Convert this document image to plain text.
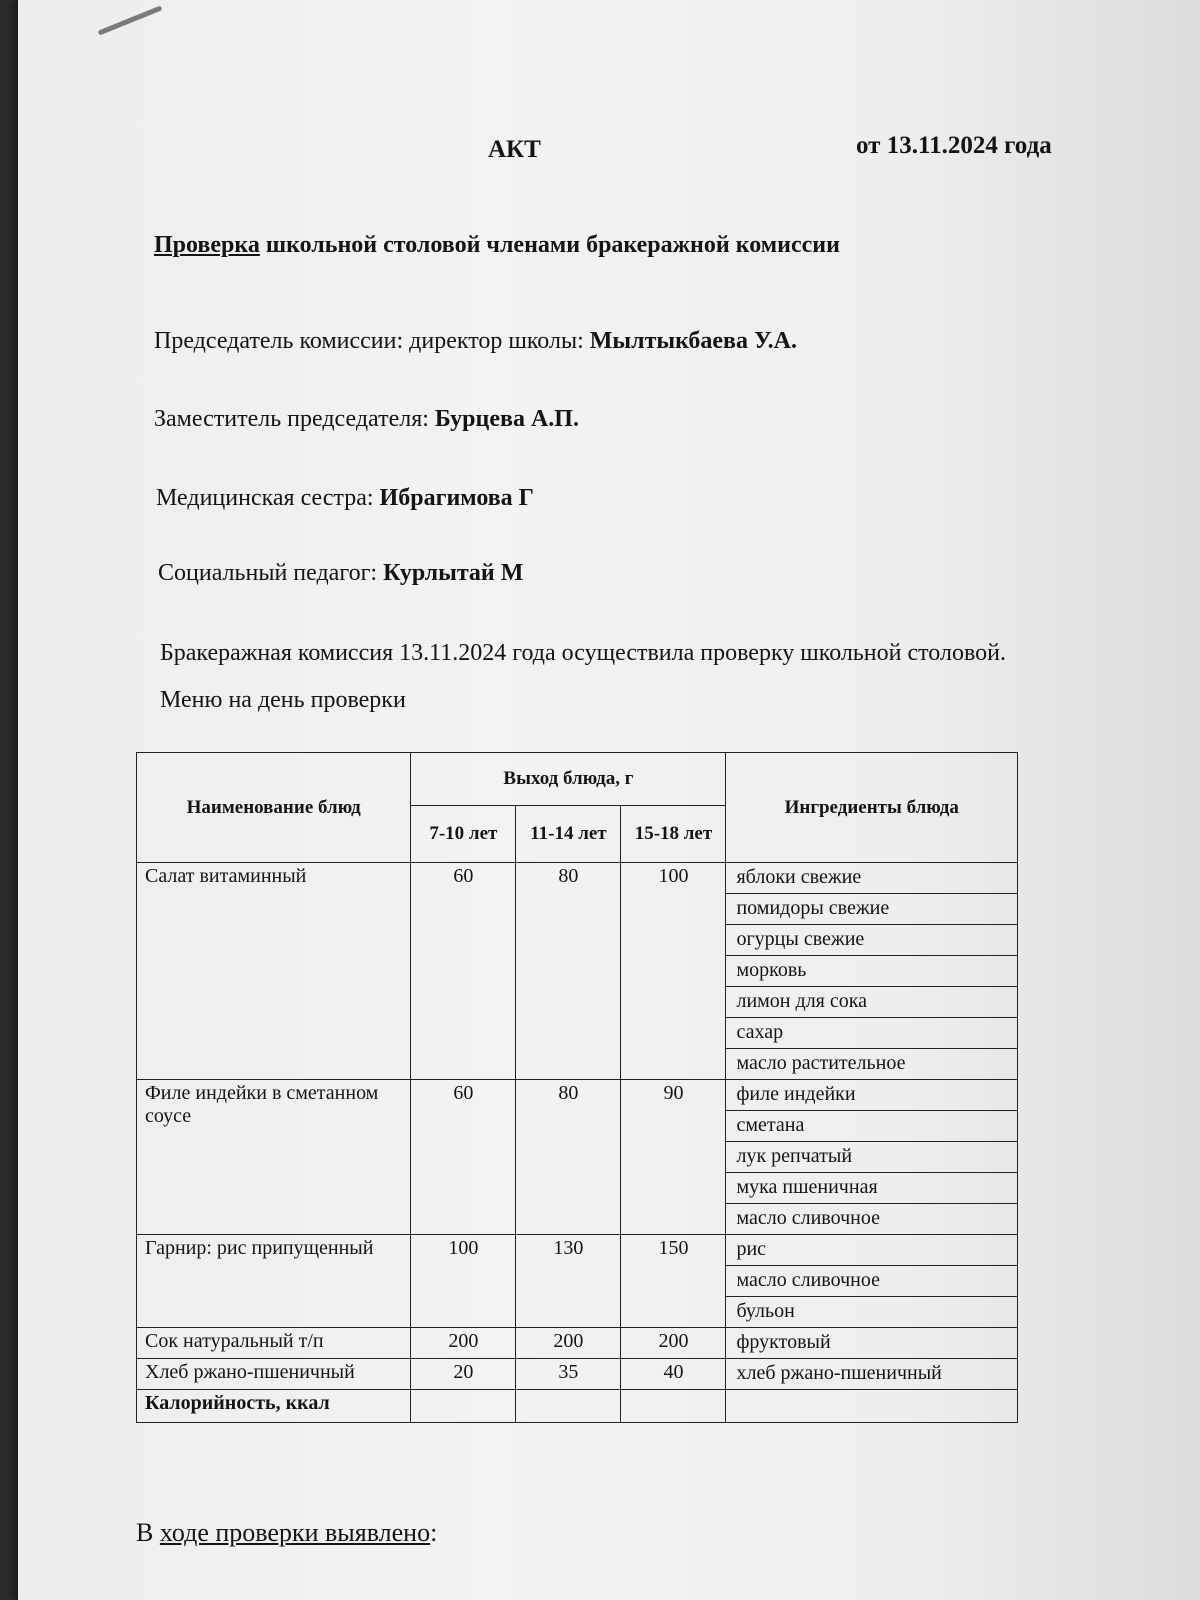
АКТ	от 13.11.2024 года
Проверка школьной столовой членами бракеражной комиссии
Председатель комиссии: директор школы: Мылтыкбаева У.А.
Заместитель председателя: Бурцева А.П.
Медицинская сестра: Ибрагимова Г
Социальный педагог: Курлытай М
Бракеражная комиссия 13.11.2024 года осуществила проверку школьной столовой. Меню на день проверки
Наименование блюд	Выход блюда, г			Ингредиенты блюда
	7-10 лет	11-14 лет	15-18 лет	
Салат витаминный	60	80	100	яблоки свежие
				помидоры свежие
				огурцы свежие
				морковь
				лимон для сока
				сахар
				масло растительное
Филе индейки в сметанном соусе	60	80	90	филе индейки
				сметана
				лук репчатый
				мука пшеничная
				масло сливочное
Гарнир: рис припущенный	100	130	150	рис
				масло сливочное
				бульон
Сок натуральный т/п	200	200	200	фруктовый
Хлеб ржано-пшеничный	20	35	40	хлеб ржано-пшеничный
Калорийность, ккал				
В ходе проверки выявлено:
